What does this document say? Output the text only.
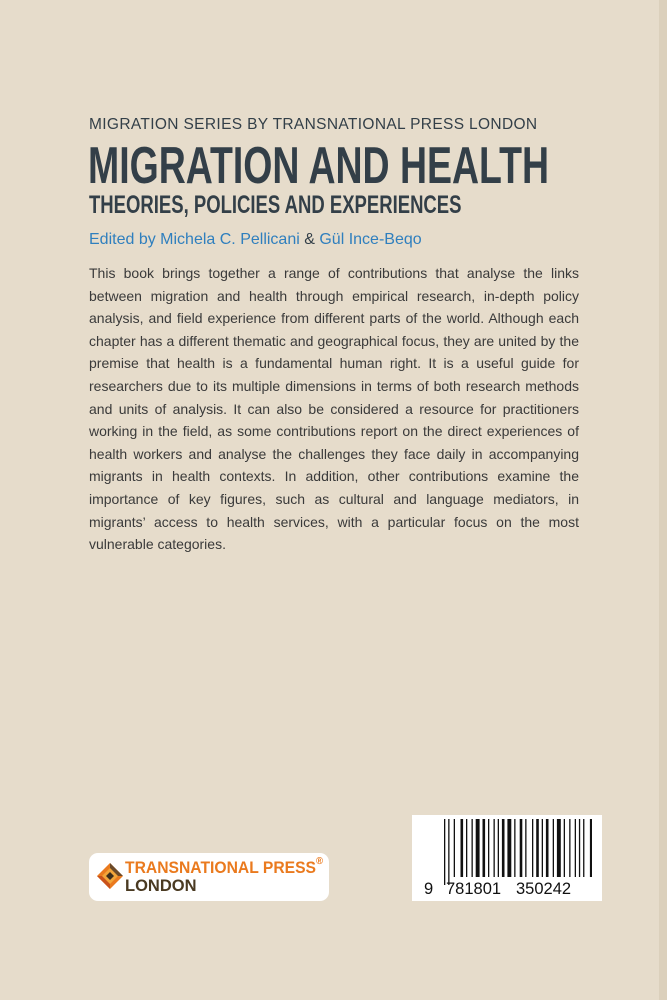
MIGRATION SERIES BY TRANSNATIONAL PRESS LONDON
MIGRATION AND HEALTH
THEORIES, POLICIES AND EXPERIENCES
Edited by Michela C. Pellicani & Gül Ince-Beqo

This book brings together a range of contributions that analyse the links between migration and health through empirical research, in-depth policy analysis, and field experience from different parts of the world. Although each chapter has a different thematic and geographical focus, they are united by the premise that health is a fundamental human right. It is a useful guide for researchers due to its multiple dimensions in terms of both research methods and units of analysis. It can also be considered a resource for practitioners working in the field, as some contributions report on the direct experiences of health workers and analyse the challenges they face daily in accompanying migrants in health contexts. In addition, other contributions examine the importance of key figures, such as cultural and language mediators, in migrants’ access to health services, with a particular focus on the most vulnerable categories.

TRANSNATIONAL PRESS®
LONDON	9 781801 350242
